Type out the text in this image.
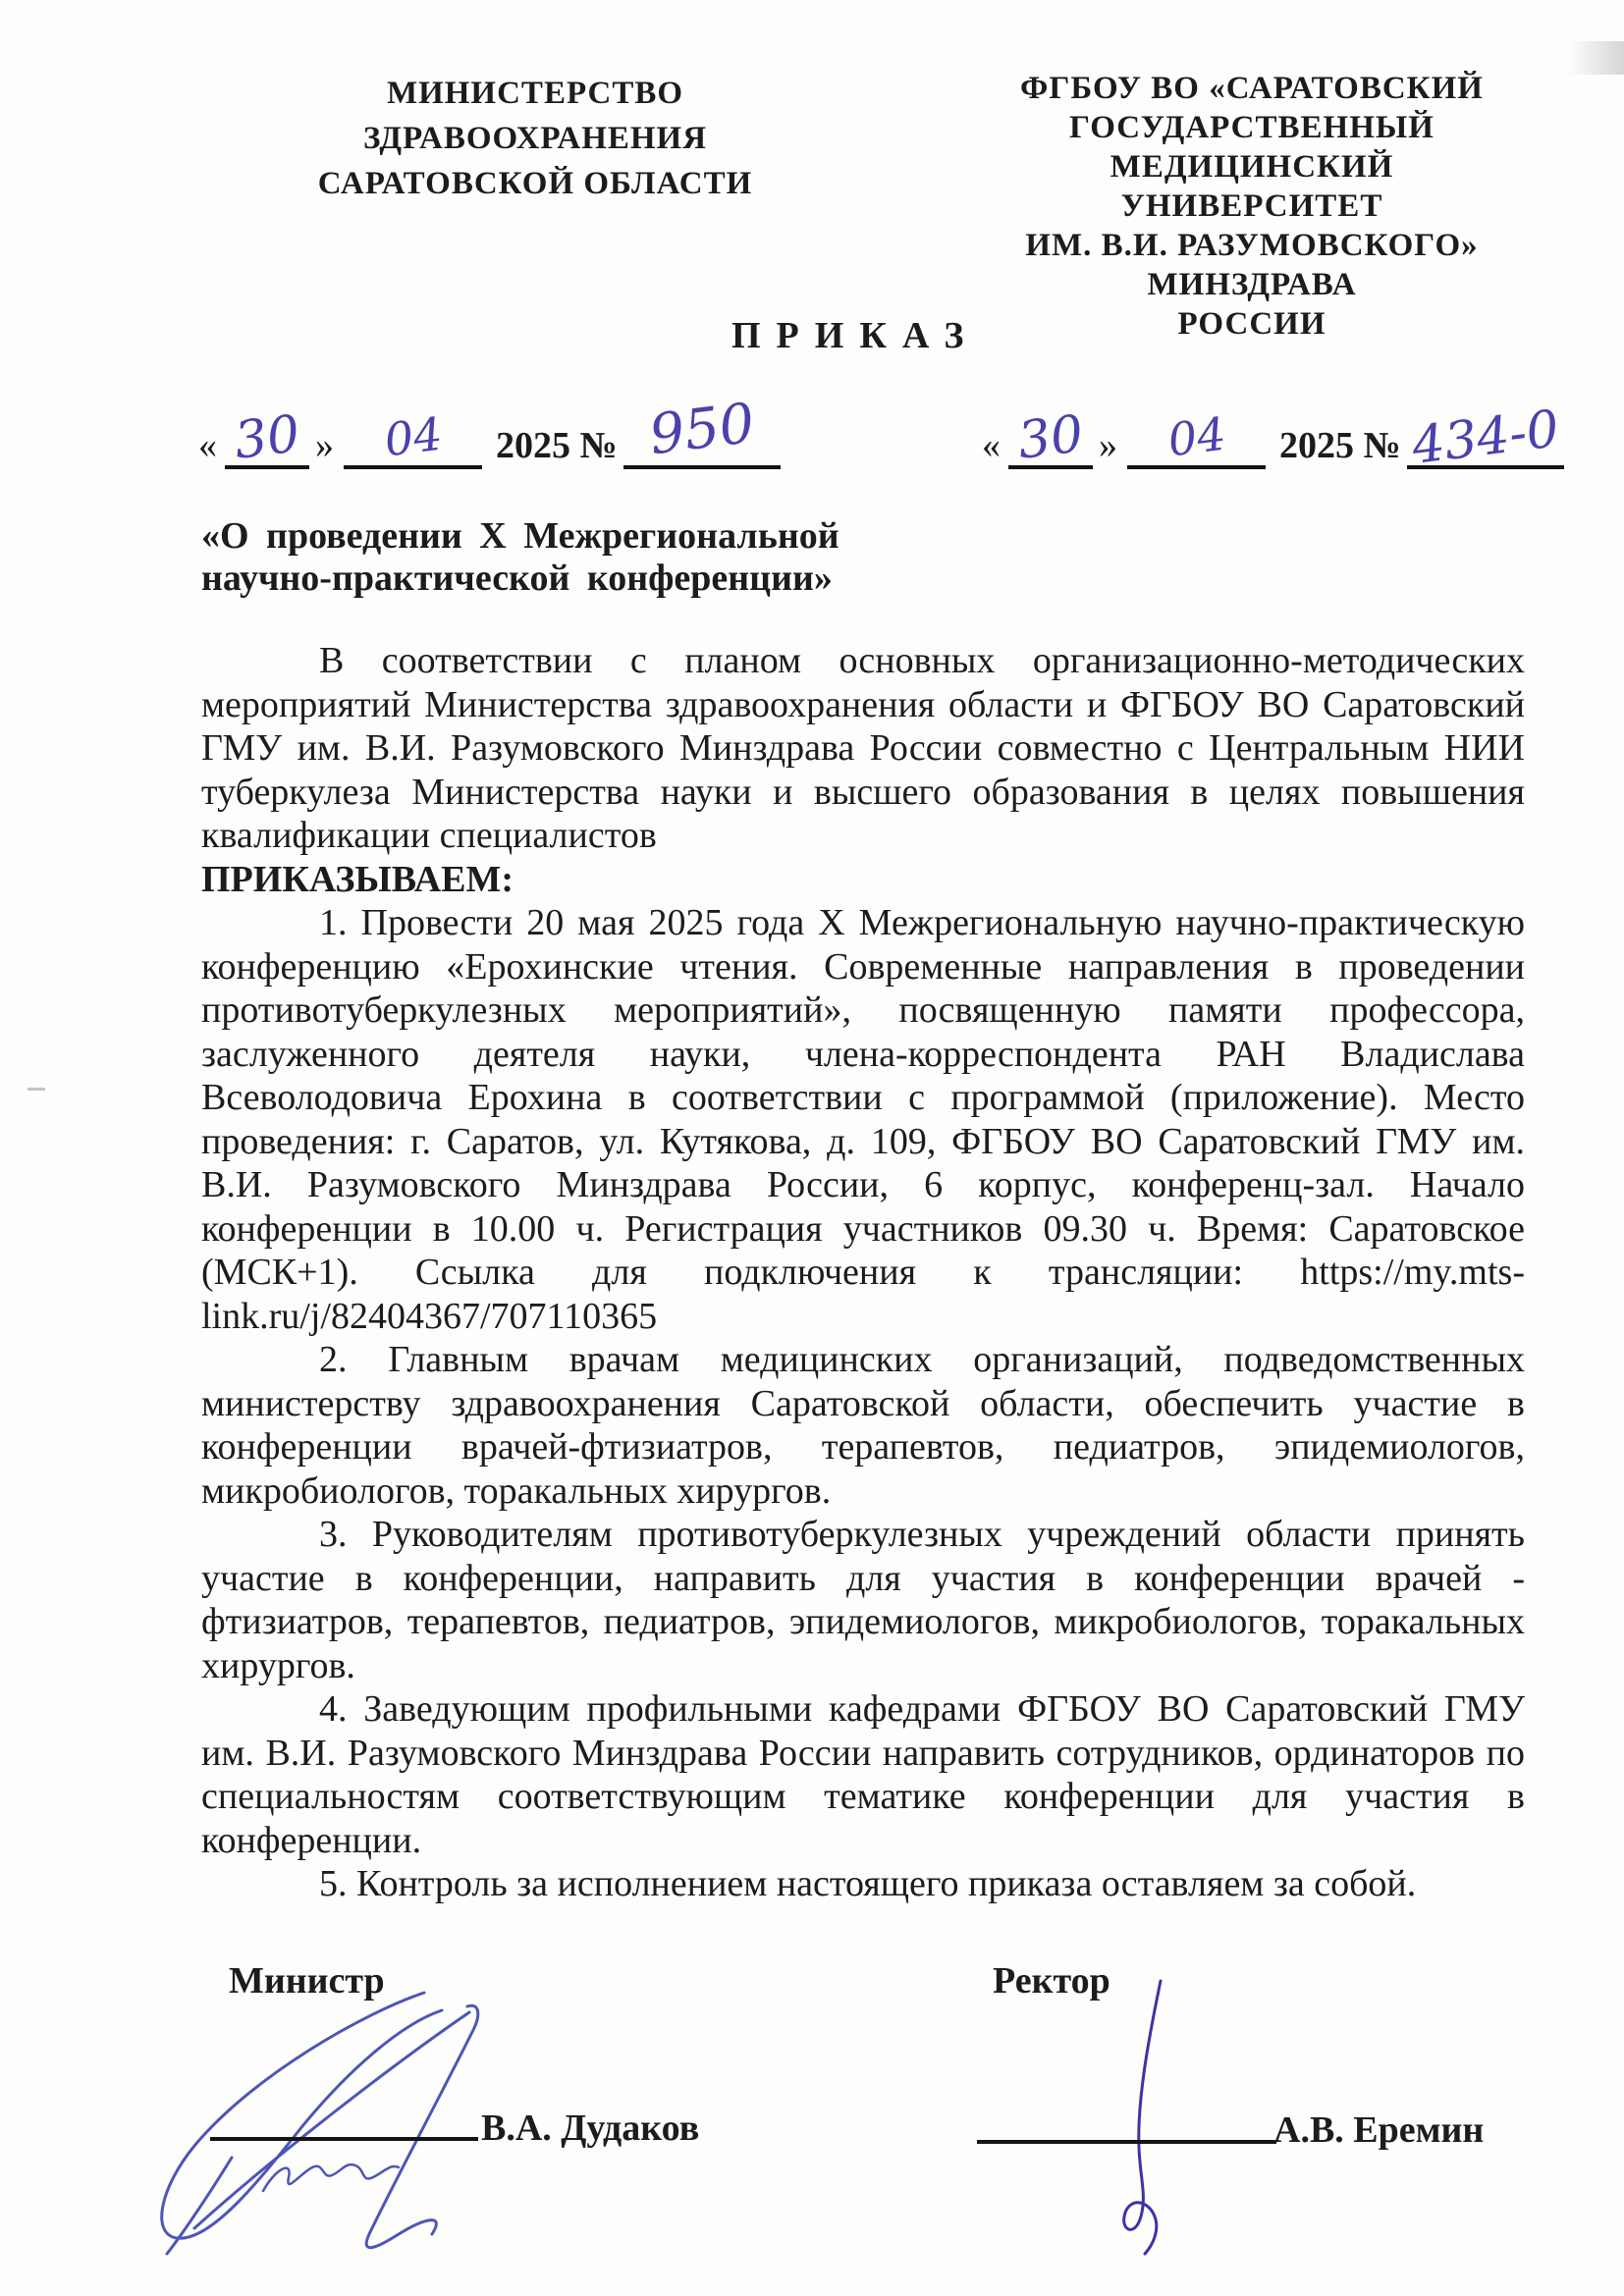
МИНИСТЕРСТВО ЗДРАВООХРАНЕНИЯ
САРАТОВСКОЙ ОБЛАСТИ
ФГБОУ ВО «САРАТОВСКИЙ
ГОСУДАРСТВЕННЫЙ МЕДИЦИНСКИЙ
УНИВЕРСИТЕТ
ИМ. В.И. РАЗУМОВСКОГО» МИНЗДРАВА
РОССИИ
ПРИКАЗ
« 30 » 04 2025 № 950	« 30 » 04 2025 № 434-0
«О проведении X Межрегиональной
научно-практической конференции»

В соответствии с планом основных организационно-методических мероприятий Министерства здравоохранения области и ФГБОУ ВО Саратовский ГМУ им. В.И. Разумовского Минздрава России совместно с Центральным НИИ туберкулеза Министерства науки и высшего образования в целях повышения квалификации специалистов

ПРИКАЗЫВАЕМ:

1. Провести 20 мая 2025 года X Межрегиональную научно-практическую конференцию «Ерохинские чтения. Современные направления в проведении противотуберкулезных мероприятий», посвященную памяти профессора, заслуженного деятеля науки, члена-корреспондента РАН Владислава Всеволодовича Ерохина в соответствии с программой (приложение). Место проведения: г. Саратов, ул. Кутякова, д. 109, ФГБОУ ВО Саратовский ГМУ им. В.И. Разумовского Минздрава России, 6 корпус, конференц-зал. Начало конференции в 10.00 ч. Регистрация участников 09.30 ч. Время: Саратовское (МСК+1). Ссылка для подключения к трансляции: https://my.mts-link.ru/j/82404367/707110365

2. Главным врачам медицинских организаций, подведомственных министерству здравоохранения Саратовской области, обеспечить участие в конференции врачей-фтизиатров, терапевтов, педиатров, эпидемиологов, микробиологов, торакальных хирургов.

3. Руководителям противотуберкулезных учреждений области принять участие в конференции, направить для участия в конференции врачей - фтизиатров, терапевтов, педиатров, эпидемиологов, микробиологов, торакальных хирургов.

4. Заведующим профильными кафедрами ФГБОУ ВО Саратовский ГМУ им. В.И. Разумовского Минздрава России направить сотрудников, ординаторов по специальностям соответствующим тематике конференции для участия в конференции.

5. Контроль за исполнением настоящего приказа оставляем за собой.

Министр
В.А. Дудаков
Ректор
А.В. Еремин
